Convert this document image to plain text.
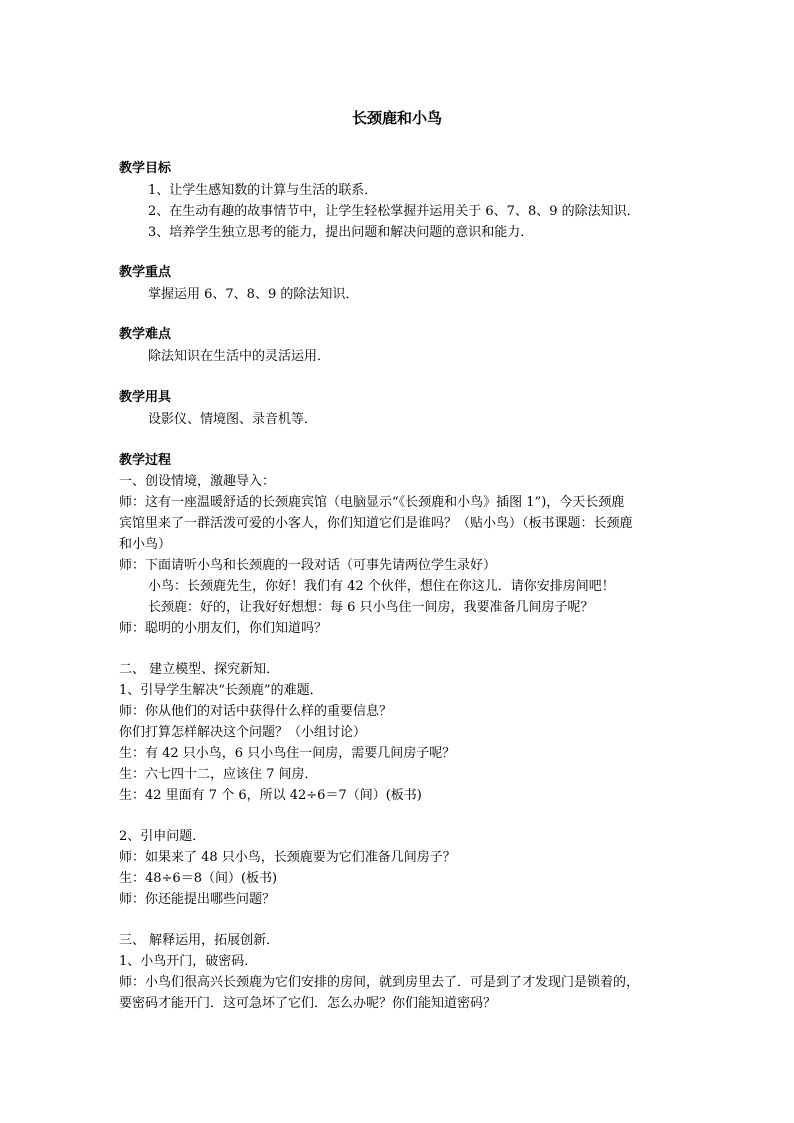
长颈鹿和小鸟
教学目标
1、让学生感知数的计算与生活的联系．
2、在生动有趣的故事情节中，让学生轻松掌握并运用关于 6、7、8、9 的除法知识．
3、培养学生独立思考的能力，提出问题和解决问题的意识和能力．
教学重点
掌握运用 6、7、8、9 的除法知识．
教学难点
除法知识在生活中的灵活运用．
教学用具
设影仪、情境图、录音机等．
教学过程
一、创设情境，激趣导入：
师：这有一座温暖舒适的长颈鹿宾馆（电脑显示“《长颈鹿和小鸟》插图 1”)，今天长颈鹿
宾馆里来了一群活泼可爱的小客人，你们知道它们是谁吗？（贴小鸟）（板书课题：长颈鹿
和小鸟）
师：下面请听小鸟和长颈鹿的一段对话（可事先请两位学生录好）
小鸟：长颈鹿先生，你好！我们有 42 个伙伴，想住在你这儿．请你安排房间吧！
长颈鹿：好的，让我好好想想：每 6 只小鸟住一间房，我要准备几间房子呢？
师：聪明的小朋友们，你们知道吗？
二、 建立模型、探究新知．
1、引导学生解决“长颈鹿”的难题．
师：你从他们的对话中获得什么样的重要信息？
你们打算怎样解决这个问题？（小组讨论）
生：有 42 只小鸟，6 只小鸟住一间房，需要几间房子呢？
生：六七四十二，应该住 7 间房．
生：42 里面有 7 个 6，所以 42÷6＝7（间）(板书)
2、引申问题．
师：如果来了 48 只小鸟，长颈鹿要为它们准备几间房子？
生：48÷6＝8（间）(板书)
师：你还能提出哪些问题？
三、 解释运用，拓展创新．
1、小鸟开门，破密码．
师：小鸟们很高兴长颈鹿为它们安排的房间，就到房里去了．可是到了才发现门是锁着的，
要密码才能开门．这可急坏了它们．怎么办呢？你们能知道密码？
